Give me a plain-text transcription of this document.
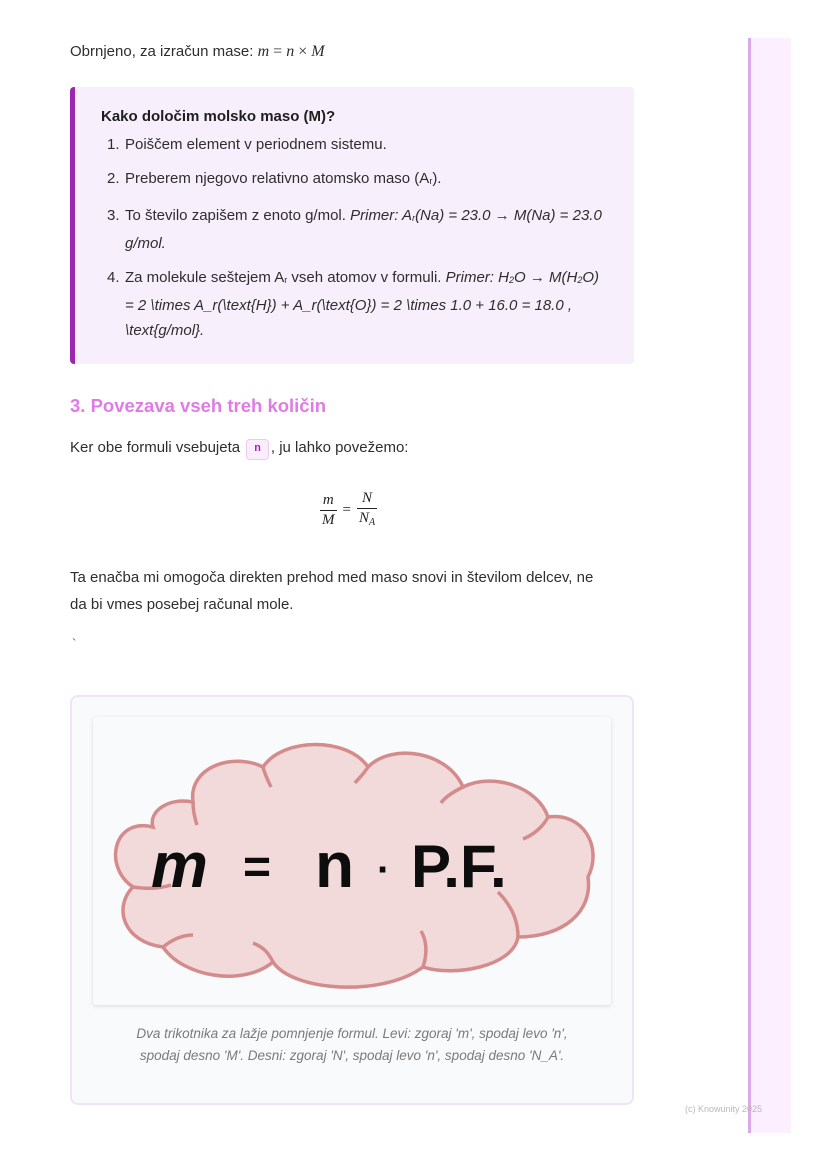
Obrnjeno, za izračun mase: m = n × M
Kako določim molsko maso (M)?
1. Poiščem element v periodnem sistemu.
2. Preberem njegovo relativno atomsko maso (Ar).
3. To število zapišem z enoto g/mol. Primer: Ar(Na) = 23.0 → M(Na) = 23.0 g/mol.
4. Za molekule seštejem Ar vseh atomov v formuli. Primer: H2O → M(H2O) = 2 \times A_r(\text{H}) + A_r(\text{O}) = 2 \times 1.0 + 16.0 = 18.0 , \text{g/mol}.
3. Povezava vseh treh količin
Ker obe formuli vsebujeta n , ju lahko povežemo:
$\frac{m}{M} = \frac{N}{N_A}$
Ta enačba mi omogoča direkten prehod med maso snovi in številom delcev, ne
da bi vmes posebej računal mole.
`
m = n · P.F.
Dva trikotnika za lažje pomnjenje formul. Levi: zgoraj 'm', spodaj levo 'n',
spodaj desno 'M'. Desni: zgoraj 'N', spodaj levo 'n', spodaj desno 'N_A'.
(c) Knowunity 2025
